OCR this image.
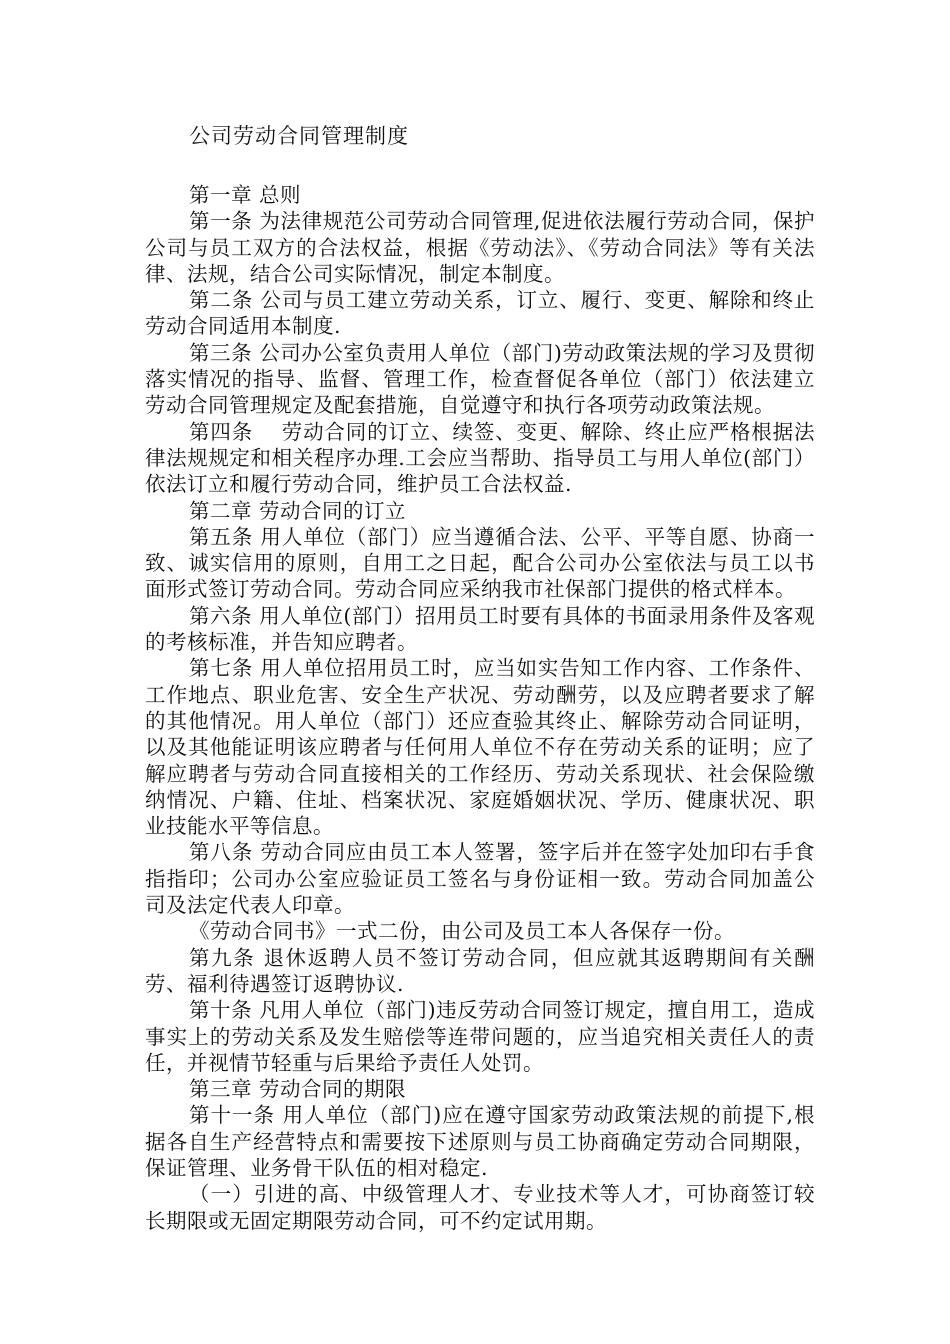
公司劳动合同管理制度

第一章 总则

第一条 为法律规范公司劳动合同管理,促进依法履行劳动合同，保护公司与员工双方的合法权益，根据《劳动法》、《劳动合同法》等有关法律、法规，结合公司实际情况，制定本制度。

第二条 公司与员工建立劳动关系，订立、履行、变更、解除和终止劳动合同适用本制度.

第三条 公司办公室负责用人单位（部门)劳动政策法规的学习及贯彻落实情况的指导、监督、管理工作，检查督促各单位（部门）依法建立劳动合同管理规定及配套措施，自觉遵守和执行各项劳动政策法规。

第四条　 劳动合同的订立、续签、变更、解除、终止应严格根据法律法规规定和相关程序办理.工会应当帮助、指导员工与用人单位(部门）依法订立和履行劳动合同，维护员工合法权益.

第二章 劳动合同的订立

第五条 用人单位（部门）应当遵循合法、公平、平等自愿、协商一致、诚实信用的原则，自用工之日起，配合公司办公室依法与员工以书面形式签订劳动合同。劳动合同应采纳我市社保部门提供的格式样本。

第六条 用人单位(部门）招用员工时要有具体的书面录用条件及客观的考核标准，并告知应聘者。

第七条 用人单位招用员工时，应当如实告知工作内容、工作条件、工作地点、职业危害、安全生产状况、劳动酬劳，以及应聘者要求了解的其他情况。用人单位（部门）还应查验其终止、解除劳动合同证明，以及其他能证明该应聘者与任何用人单位不存在劳动关系的证明；应了解应聘者与劳动合同直接相关的工作经历、劳动关系现状、社会保险缴纳情况、户籍、住址、档案状况、家庭婚姻状况、学历、健康状况、职业技能水平等信息。

第八条 劳动合同应由员工本人签署，签字后并在签字处加印右手食指指印；公司办公室应验证员工签名与身份证相一致。劳动合同加盖公司及法定代表人印章。

《劳动合同书》一式二份，由公司及员工本人各保存一份。

第九条 退休返聘人员不签订劳动合同，但应就其返聘期间有关酬劳、福利待遇签订返聘协议.

第十条 凡用人单位（部门)违反劳动合同签订规定，擅自用工，造成事实上的劳动关系及发生赔偿等连带问题的，应当追究相关责任人的责任，并视情节轻重与后果给予责任人处罚。

第三章 劳动合同的期限

第十一条 用人单位（部门)应在遵守国家劳动政策法规的前提下,根据各自生产经营特点和需要按下述原则与员工协商确定劳动合同期限，保证管理、业务骨干队伍的相对稳定.

（一）引进的高、中级管理人才、专业技术等人才，可协商签订较长期限或无固定期限劳动合同，可不约定试用期。
